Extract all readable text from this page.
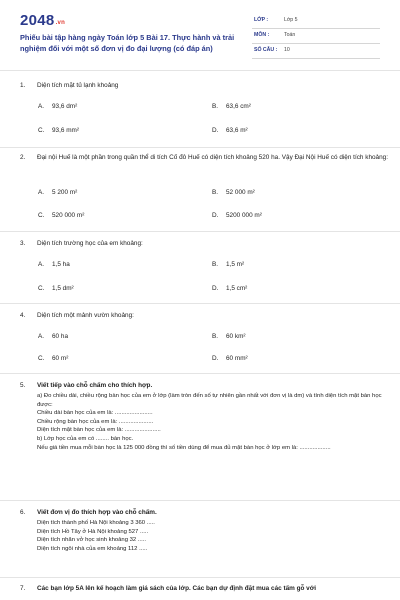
$2048_{.vn}$
Phiếu bài tập hàng ngày Toán lớp 5 Bài 17. Thực hành và trải nghiệm đối với một số đơn vị đo đại lượng (có đáp án)
LỚP :	Lớp 5
MÔN :	Toán
SỐ CÂU : 10
1.	Diện tích mặt tủ lạnh khoảng
A. 93,6 dm²	B. 63,6 cm²
C. 93,6 mm²	D. 63,6 m²
2.	Đại nội Huế là một phần trong quần thể di tích Cố đô Huế có diện tích khoảng 520 ha. Vậy Đại Nội Huế có diện tích khoảng:
A. 5 200 m²	B. 52 000 m²
C. 520 000 m²	D. 5200 000 m²
3.	Diện tích trường học của em khoảng:
A. 1,5 ha	B. 1,5 m²
C. 1,5 dm²	D. 1,5 cm²
4.	Diện tích một mảnh vườn khoảng:
A. 60 ha	B. 60 km²
C. 60 m²	D. 60 mm²
5.	Viết tiếp vào chỗ chấm cho thích hợp.
a) Đo chiều dài, chiều rộng bàn học của em ở lớp (làm tròn đến số tự nhiên gần nhất với đơn vị là dm) và tính diện tích mặt bàn học được:
Chiều dài bàn học của em là: .......................
Chiều rộng bàn học của em là: .....................
Diện tích mặt bàn học của em là: ......................
b) Lớp học của em có ........ bàn học.
Nếu giá tiền mua mỗi bàn học là 125 000 đồng thì số tiền dùng để mua đủ mặt bàn học ở lớp em là: ...................
6.	Viết đơn vị đo thích hợp vào chỗ chấm.
Diện tích thành phố Hà Nội khoảng 3 360 .....
Diện tích Hồ Tây ở Hà Nội khoảng 527 .....
Diện tích nhãn vở học sinh khoảng 32 .....
Diện tích ngôi nhà của em khoảng 112 .....
7.	Các bạn lớp 5A lên kế hoạch làm giá sách của lớp. Các bạn dự định đặt mua các tấm gỗ với
